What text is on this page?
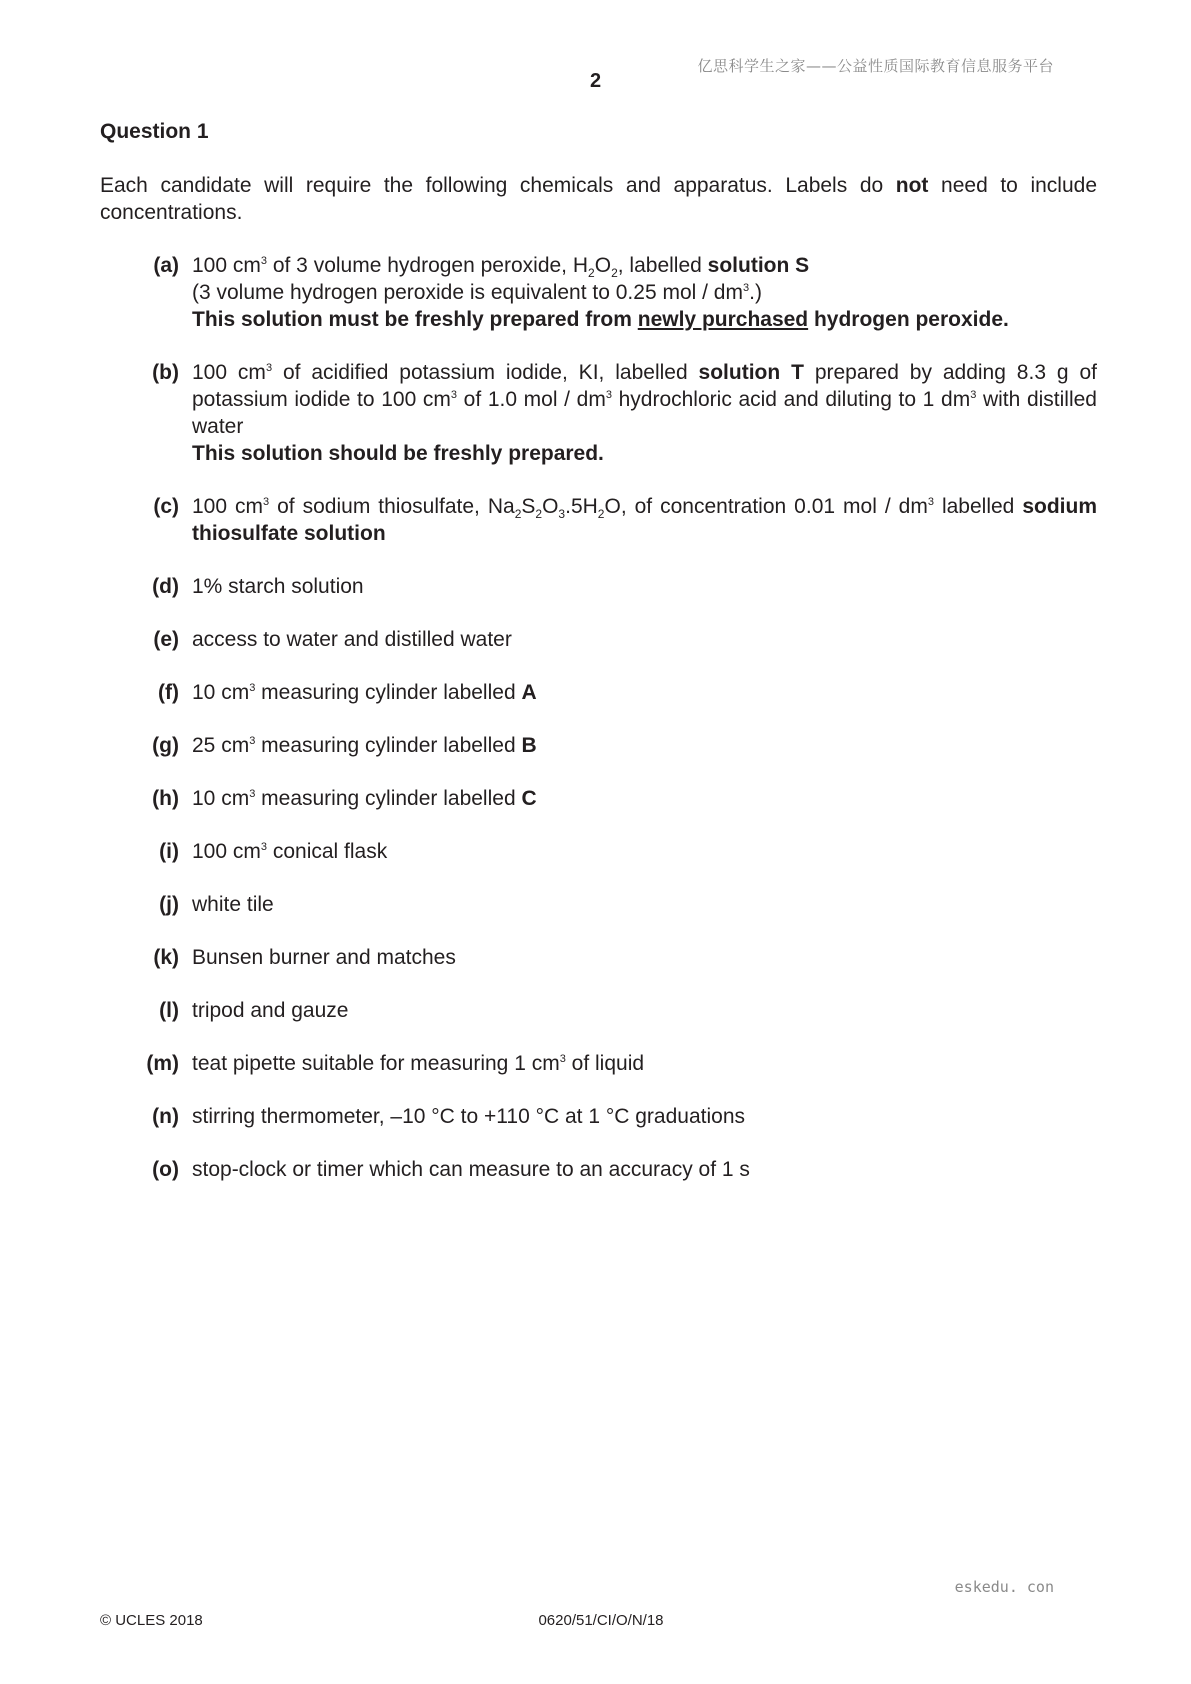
亿思科学生之家——公益性质国际教育信息服务平台
2
Question 1
Each candidate will require the following chemicals and apparatus. Labels do not need to include concentrations.
(a) 100 $cm^3$ of 3 volume hydrogen peroxide, $H_2O_2$, labelled solution S
(3 volume hydrogen peroxide is equivalent to 0.25 mol / $dm^3$.)
This solution must be freshly prepared from newly purchased hydrogen peroxide.
(b) 100 $cm^3$ of acidified potassium iodide, KI, labelled solution T prepared by adding 8.3 g of potassium iodide to 100 $cm^3$ of 1.0 mol / $dm^3$ hydrochloric acid and diluting to 1 $dm^3$ with distilled water
This solution should be freshly prepared.
(c) 100 $cm^3$ of sodium thiosulfate, $Na_2S_2O_3.5H_2O$, of concentration 0.01 mol / $dm^3$ labelled sodium thiosulfate solution
(d) 1% starch solution
(e) access to water and distilled water
(f) 10 $cm^3$ measuring cylinder labelled A
(g) 25 $cm^3$ measuring cylinder labelled B
(h) 10 $cm^3$ measuring cylinder labelled C
(i) 100 $cm^3$ conical flask
(j) white tile
(k) Bunsen burner and matches
(l) tripod and gauze
(m) teat pipette suitable for measuring 1 $cm^3$ of liquid
(n) stirring thermometer, –10 °C to +110 °C at 1 °C graduations
(o) stop-clock or timer which can measure to an accuracy of 1 s
eskedu. con
© UCLES 2018	0620/51/CI/O/N/18
